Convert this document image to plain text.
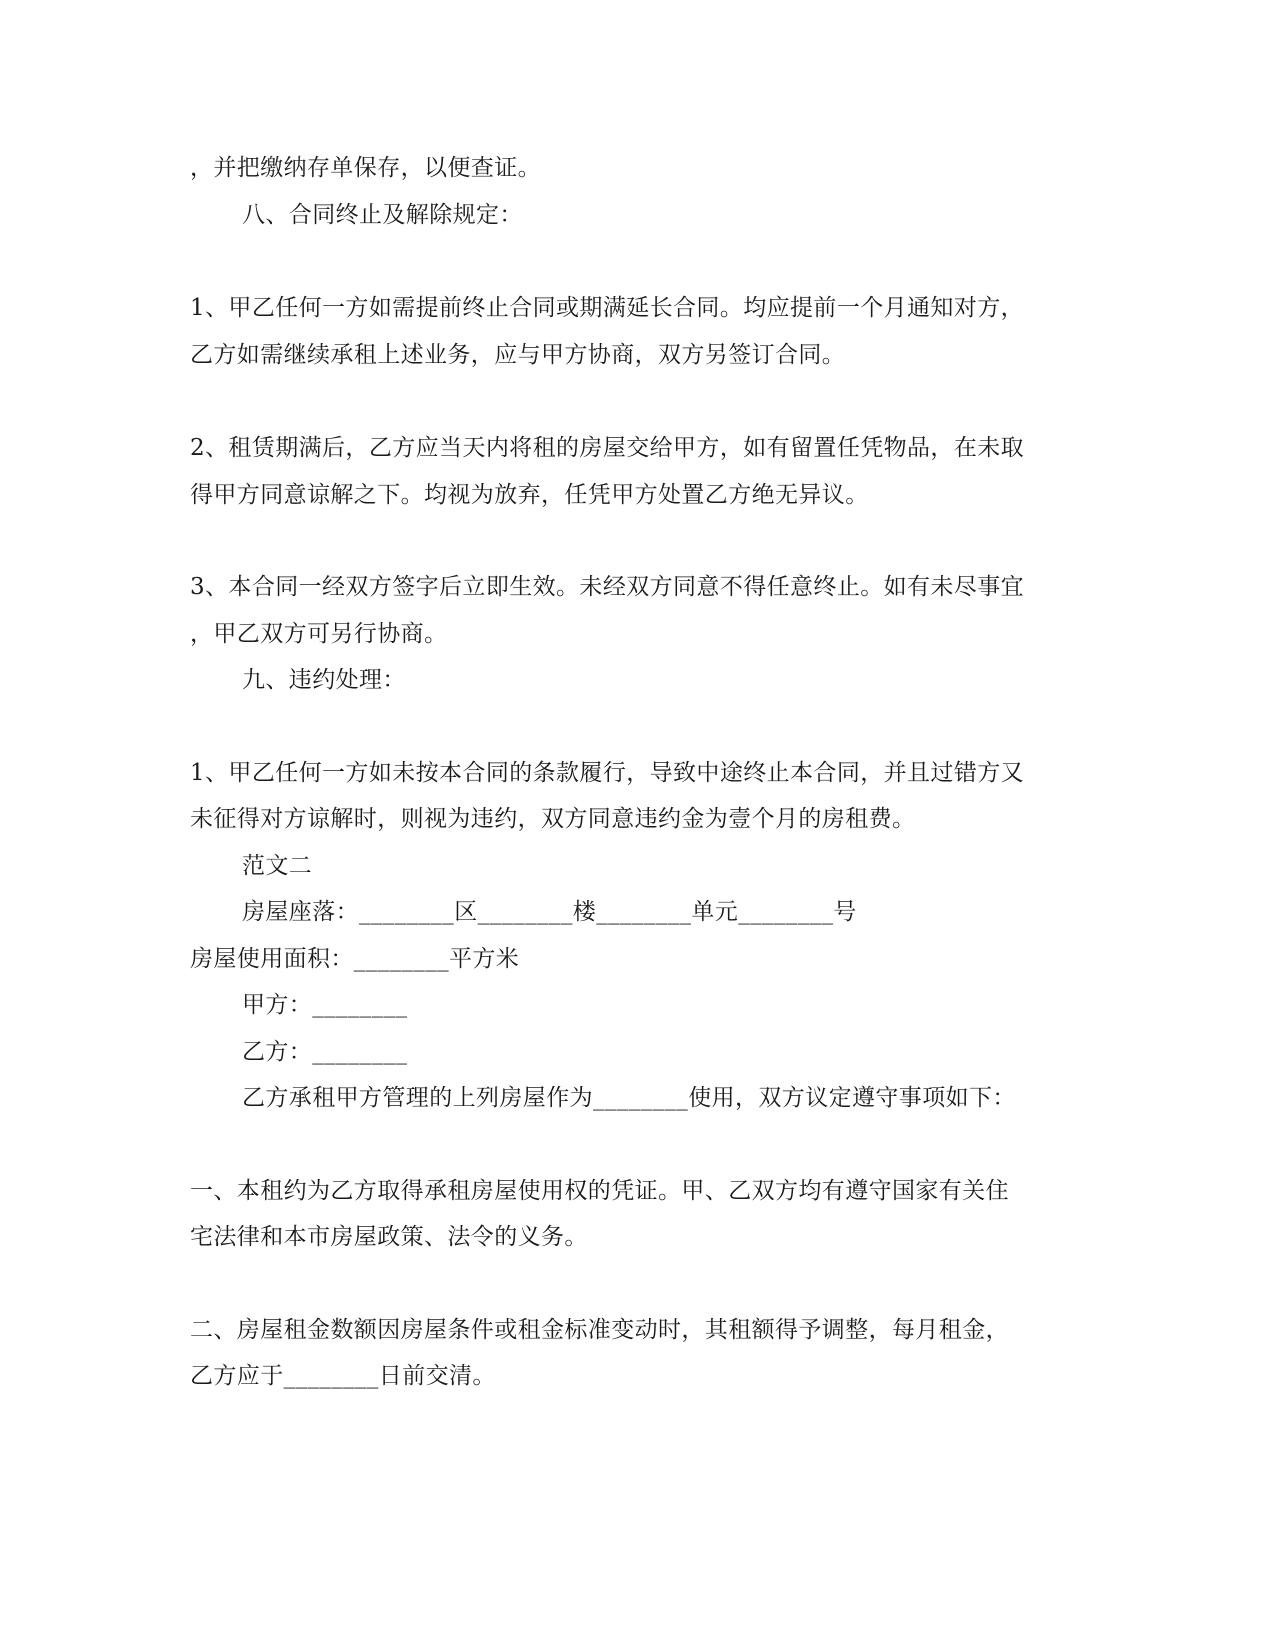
，并把缴纳存单保存，以便查证。
八、合同终止及解除规定：
1、甲乙任何一方如需提前终止合同或期满延长合同。均应提前一个月通知对方，
乙方如需继续承租上述业务，应与甲方协商，双方另签订合同。
2、租赁期满后，乙方应当天内将租的房屋交给甲方，如有留置任凭物品，在未取
得甲方同意谅解之下。均视为放弃，任凭甲方处置乙方绝无异议。
3、本合同一经双方签字后立即生效。未经双方同意不得任意终止。如有未尽事宜
，甲乙双方可另行协商。
九、违约处理：
1、甲乙任何一方如未按本合同的条款履行，导致中途终止本合同，并且过错方又
未征得对方谅解时，则视为违约，双方同意违约金为壹个月的房租费。
范文二
房屋座落：________区________楼________单元________号
房屋使用面积：________平方米
甲方：________
乙方：________
乙方承租甲方管理的上列房屋作为________使用，双方议定遵守事项如下：
一、本租约为乙方取得承租房屋使用权的凭证。甲、乙双方均有遵守国家有关住
宅法律和本市房屋政策、法令的义务。
二、房屋租金数额因房屋条件或租金标准变动时，其租额得予调整，每月租金，
乙方应于________日前交清。
